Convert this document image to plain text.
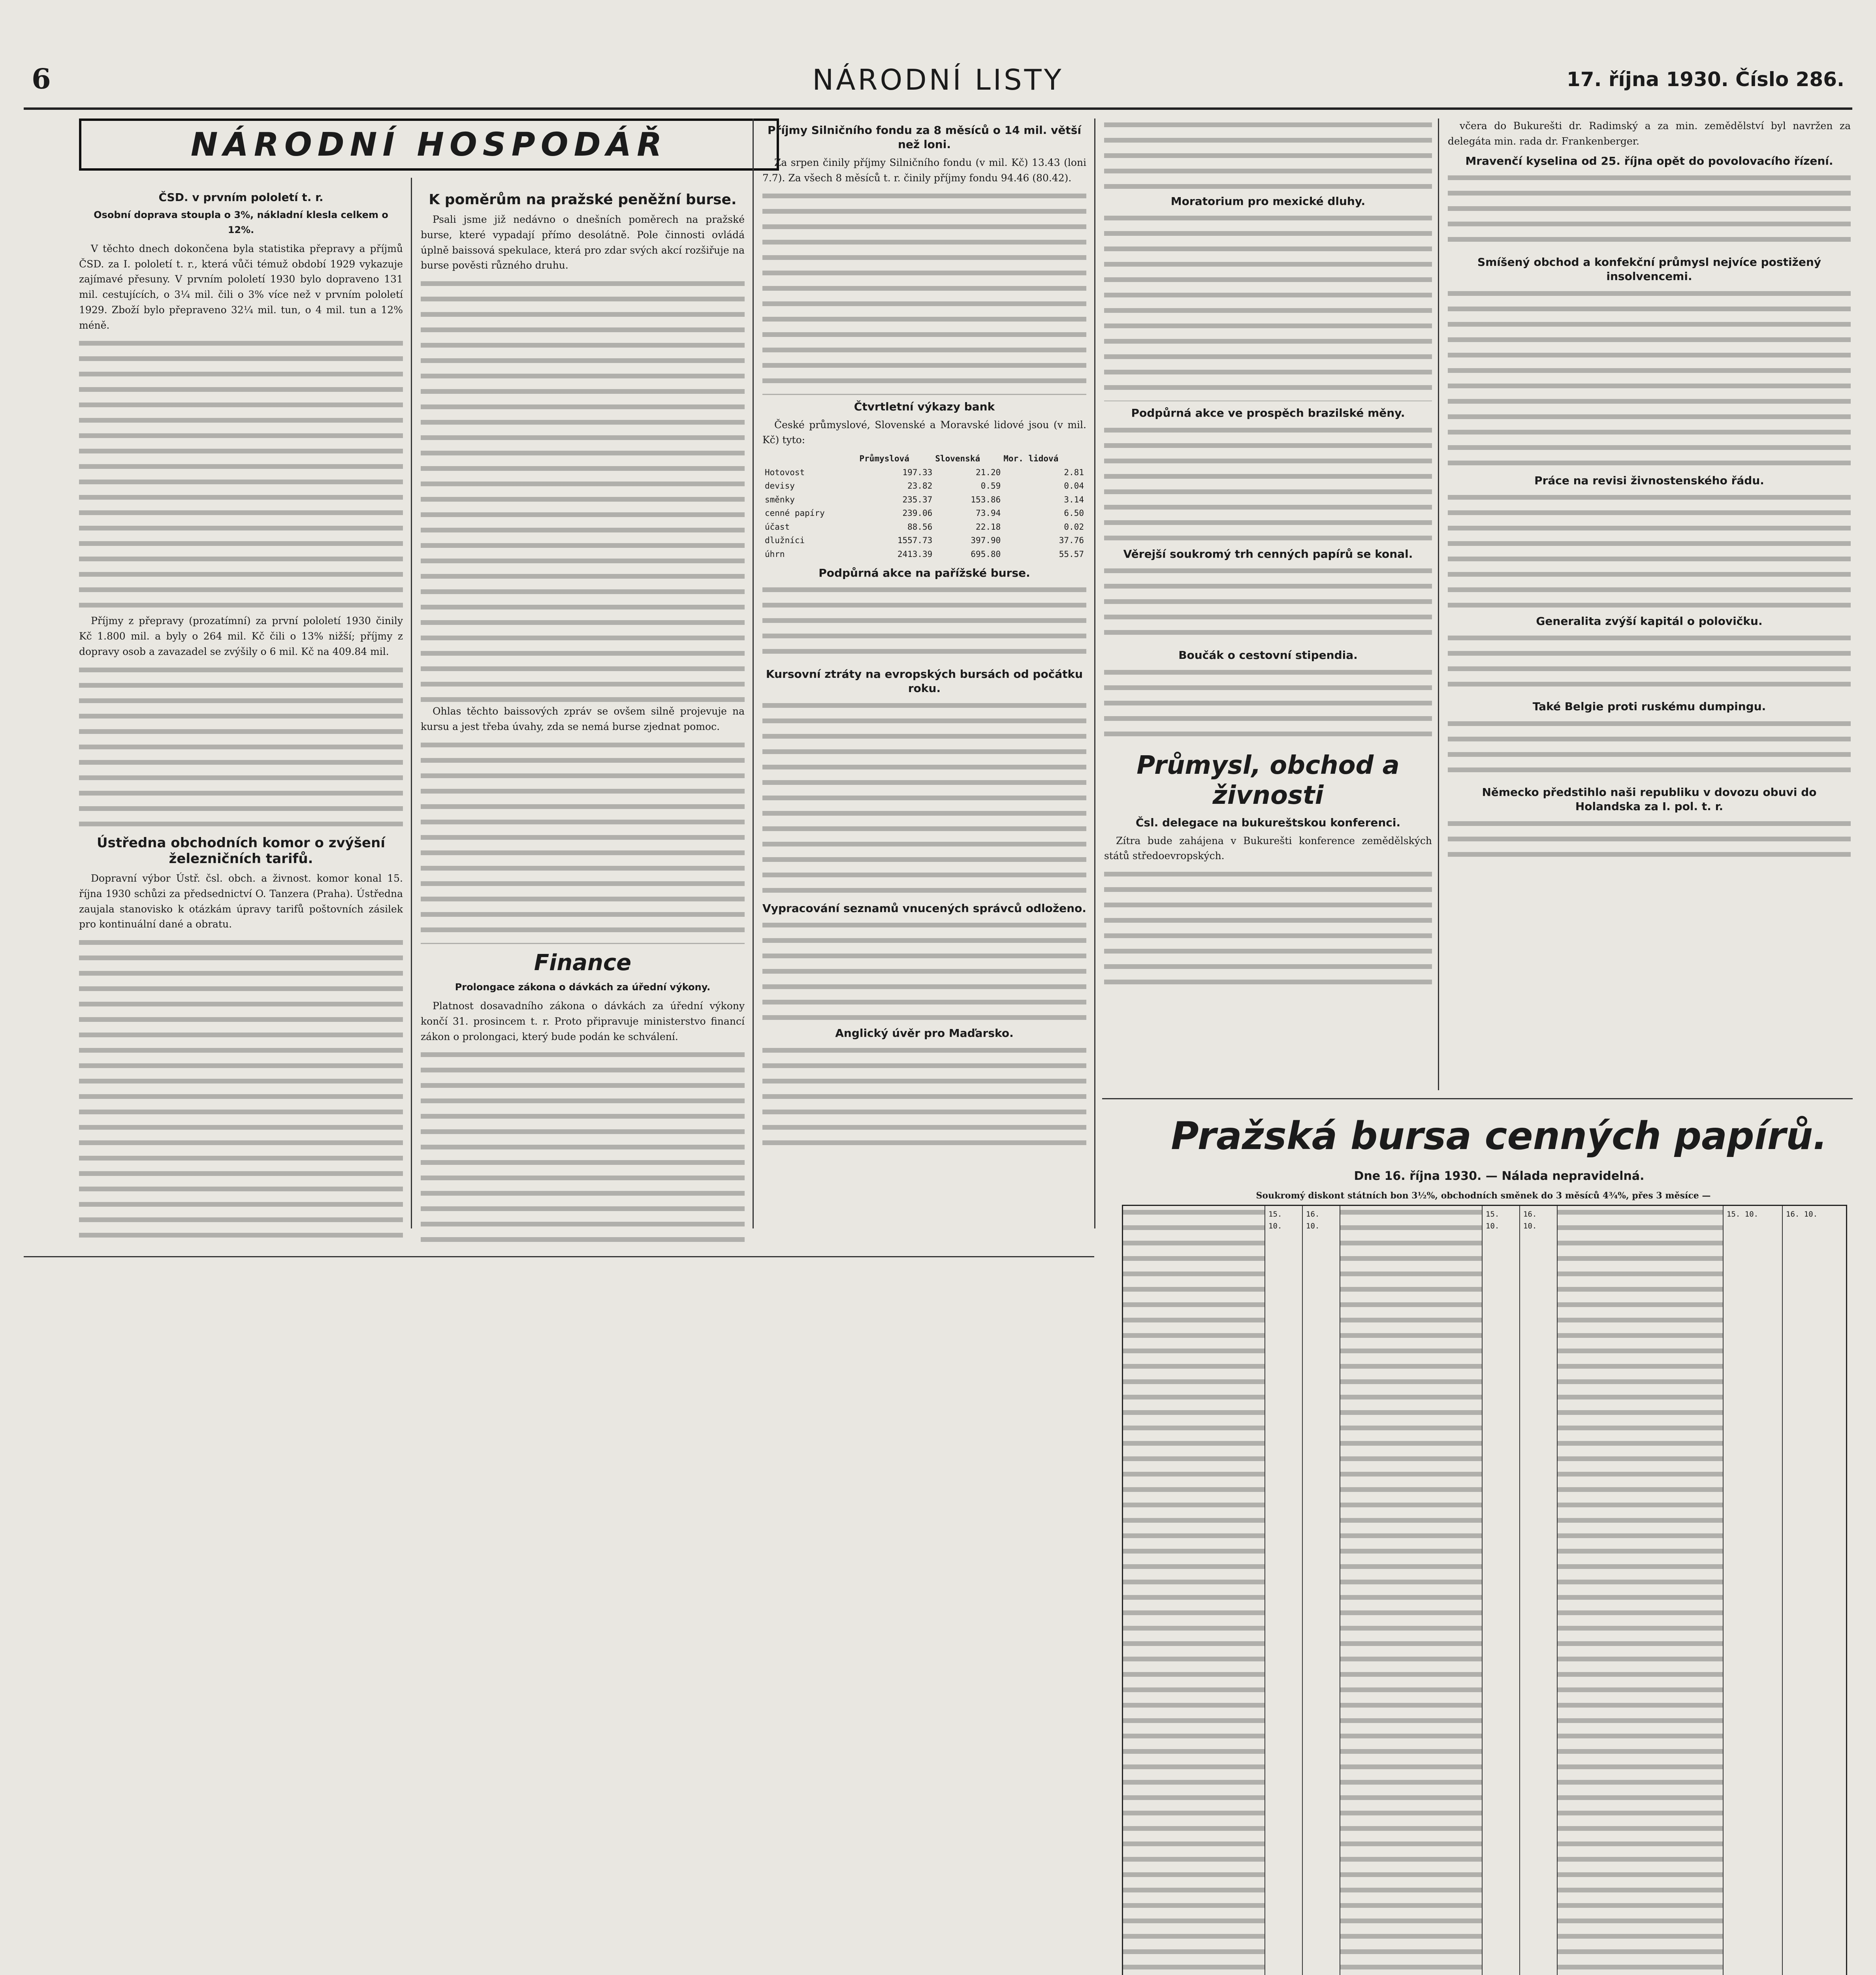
6	NÁRODNÍ LISTY	17. října 1930. Číslo 286.
NÁRODNÍ HOSPODÁŘ
ČSD. v prvním pololetí t. r.
Osobní doprava stoupla o 3%, nákladní klesla celkem o 12%.

V těchto dnech dokončena byla statistika přepravy a příjmů ČSD. za I. pololetí t. r., která vůči témuž období 1929 vykazuje zajímavé přesuny. V prvním pololetí 1930 bylo dopraveno 131 mil. cestujících, o 3¼ mil. čili o 3% více než v prvním pololetí 1929. Zboží bylo přepraveno 32¼ mil. tun, o 4 mil. tun a 12% méně.

Příjmy z přepravy (prozatímní) za první pololetí 1930 činily Kč 1.800 mil. a byly o 264 mil. Kč čili o 13% nižší; příjmy z dopravy osob a zavazadel se zvýšily o 6 mil. Kč na 409.84 mil.

Ústředna obchodních komor o zvýšení železničních tarifů.

Dopravní výbor Ústř. čsl. obch. a živnost. komor konal 15. října 1930 schůzi za předsednictví O. Tanzera (Praha). Ústředna zaujala stanovisko k otázkám úpravy tarifů poštovních zásilek pro kontinuální dané a obratu.

K poměrům na pražské peněžní burse.

Psali jsme již nedávno o dnešních poměrech na pražské burse, které vypadají přímo desolátně. Pole činnosti ovládá úplně baissová spekulace, která pro zdar svých akcí rozšiřuje na burse pověsti různého druhu.

Ohlas těchto baissových zpráv se ovšem silně projevuje na kursu a jest třeba úvahy, zda se nemá burse zjednat pomoc.

Finance
Prolongace zákona o dávkách za úřední výkony.

Platnost dosavadního zákona o dávkách za úřední výkony končí 31. prosincem t. r. Proto připravuje ministerstvo financí zákon o prolongaci, který bude podán ke schválení.

Příjmy Silničního fondu za 8 měsíců o 14 mil. větší než loni.

Za srpen činily příjmy Silničního fondu (v mil. Kč) 13.43 (loni 7.7). Za všech 8 měsíců t. r. činily příjmy fondu 94.46 (80.42).

Čtvrtletní výkazy bank

České průmyslové, Slovenské a Moravské lidové jsou (v mil. Kč) tyto:

	Průmyslová	Slovenská	Mor. lidová
Hotovost	197.33	21.20	2.81
devisy	23.82	0.59	0.04
směnky	235.37	153.86	3.14
cenné papíry	239.06	73.94	6.50
účast	88.56	22.18	0.02
dlužníci	1557.73	397.90	37.76
úhrn	2413.39	695.80	55.57
Podpůrná akce na pařížské burse.
Kursovní ztráty na evropských bursách od počátku roku.
Vypracování seznamů vnucených správců odloženo.
Anglický úvěr pro Maďarsko.
Moratorium pro mexické dluhy.
Podpůrná akce ve prospěch brazilské měny.
Věrejší soukromý trh cenných papírů se konal.
Boučák o cestovní stipendia.
Průmysl, obchod a živnosti
Čsl. delegace na bukureštskou konferenci.

Zítra bude zahájena v Bukurešti konference zemědělských států středoevropských.

včera do Bukurešti dr. Radimský a za min. zemědělství byl navržen za delegáta min. rada dr. Frankenberger.

Mravenčí kyselina od 25. října opět do povolovacího řízení.
Smíšený obchod a konfekční průmysl nejvíce postižený insolvencemi.
Práce na revisi živnostenského řádu.
Generalita zvýší kapitál o polovičku.
Také Belgie proti ruskému dumpingu.
Německo předstihlo naši republiku v dovozu obuvi do Holandska za I. pol. t. r.
Pražská bursa cenných papírů.
Dne 16. října 1930. — Nálada nepravidelná.
Soukromý diskont státních bon 3½%, obchodních směnek do 3 měsíců 4¾%, přes 3 měsíce —
15. 10.
16. 10.
15. 10.
16. 10.
15. 10.	16. 10.
